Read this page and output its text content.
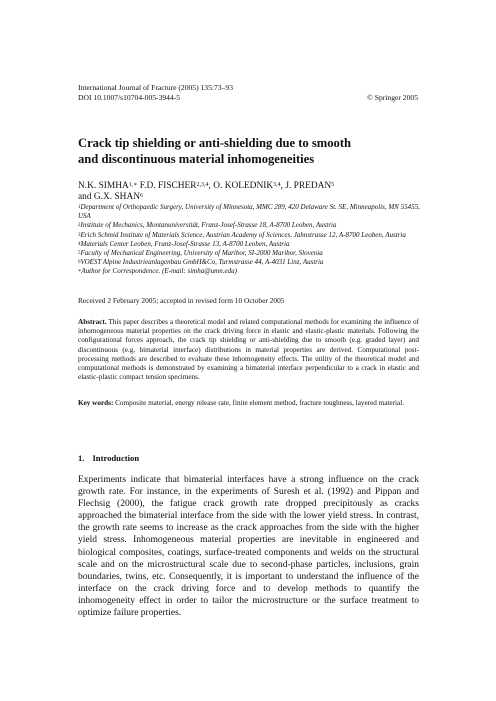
International Journal of Fracture (2005) 135:73–93
DOI 10.1007/s10704-005-3944-5	© Springer 2005
Crack tip shielding or anti-shielding due to smooth
and discontinuous material inhomogeneities
N.K. $SIMHA^{1,∗}$ F.D. FISCHER$^{2,3,4}$, O. KOLEDNIK$^{3,4}$, J. PREDAN$^5$
and G.X. SHAN$^6$
$^1$Department of Orthopaedic Surgery, University of Minnesota, MMC 289, 420 Delaware St. SE, Minneapolis, MN 55455, USA
$^2$Institute of Mechanics, Montanuniversität, Franz-Josef-Strasse 18, A-8700 Leoben, Austria
$^3$Erich Schmid Institute of Materials Science, Austrian Academy of Sciences, Jahnstrasse 12, A-8700 Leoben, Austria
$^4$Materials Center Leoben, Franz-Josef-Strasse 13, A-8700 Leoben, Austria
$^5$Faculty of Mechanical Engineering, University of Maribor, SI-2000 Maribor, Slovenia
$^6$VOEST Alpine Industrieanlagenbau GmbH&Co, Turmstrasse 44, A-4031 Linz, Austria
∗Author for Correspondence. (E-mail: simha@umn.edu)
Received 2 February 2005; accepted in revised form 10 October 2005
Abstract. This paper describes a theoretical model and related computational methods for examining the influence of inhomogeneous material properties on the crack driving force in elastic and elastic-plastic materials. Following the configurational forces approach, the crack tip shielding or anti-shielding due to smooth (e.g. graded layer) and discontinuous (e.g. bimaterial interface) distributions in material properties are derived. Computational post-processing methods are described to evaluate these inhomogeneity effects. The utility of the theoretical model and computational methods is demonstrated by examining a bimaterial interface perpendicular to a crack in elastic and elastic-plastic compact tension specimens.
Key words: Composite material, energy release rate, finite element method, fracture toughness, layered material.
1. Introduction
Experiments indicate that bimaterial interfaces have a strong influence on the crack growth rate. For instance, in the experiments of Suresh et al. (1992) and Pippan and Flechsig (2000), the fatigue crack growth rate dropped precipitously as cracks approached the bimaterial interface from the side with the lower yield stress. In contrast, the growth rate seems to increase as the crack approaches from the side with the higher yield stress. Inhomogeneous material properties are inevitable in engineered and biological composites, coatings, surface-treated components and welds on the structural scale and on the microstructural scale due to second-phase particles, inclusions, grain boundaries, twins, etc. Consequently, it is important to understand the influence of the interface on the crack driving force and to develop methods to quantify the inhomogeneity effect in order to tailor the microstructure or the surface treatment to optimize failure properties.
